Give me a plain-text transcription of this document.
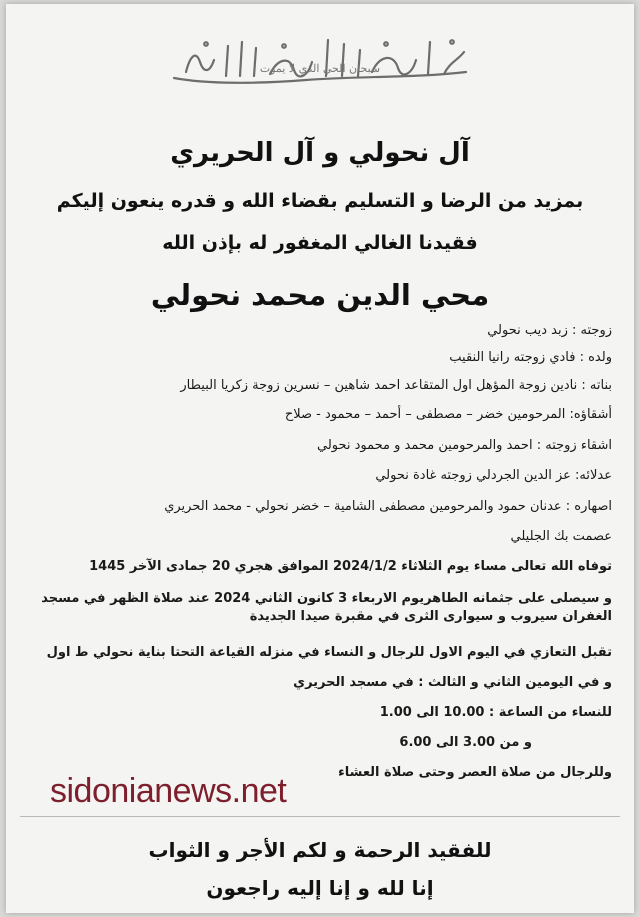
سبحان الحي الذي لا يموت
آل نحولي و آل الحريري
بمزيد من الرضا و التسليم بقضاء الله و قدره ينعون إليكم
فقيدنا الغالي المغفور له بإذن الله
محي الدين محمد نحولي
زوجته : زبد ديب نحولي
ولده : فادي زوجته رانيا النقيب
بناته : نادين زوجة المؤهل اول المتقاعد احمد شاهين – نسرين زوجة زكريا البيطار
أشقاؤه: المرحومين خضر – مصطفى – أحمد – محمود - صلاح
اشقاء زوجته : احمد والمرحومين محمد و محمود نحولي
عدلائه: عز الدين الجردلي زوجته غادة نحولي
اصهاره : عدنان حمود والمرحومين مصطفى الشامية – خضر نحولي - محمد الحريري
عصمت بك الجليلي
توفاه الله تعالى مساء يوم الثلاثاء 2024/1/2 الموافق هجري 20 جمادى الآخر 1445
و سيصلى على جثمانه الطاهريوم الاربعاء 3 كانون الثاني 2024 عند صلاة الظهر في مسجد الغفران سيروب و سيوارى الثرى في مقبرة صيدا الجديدة
تقبل التعازي في اليوم الاول للرجال و النساء في منزله القياعة التحتا بناية نحولي ط اول
و في اليومين الثاني و الثالث : في مسجد الحريري
للنساء من الساعة : 10.00 الى 1.00
و من 3.00 الى 6.00
وللرجال من صلاة العصر وحتى صلاة العشاء
sidonianews.net
للفقيد الرحمة و لكم الأجر و الثواب
إنا لله و إنا إليه راجعون
